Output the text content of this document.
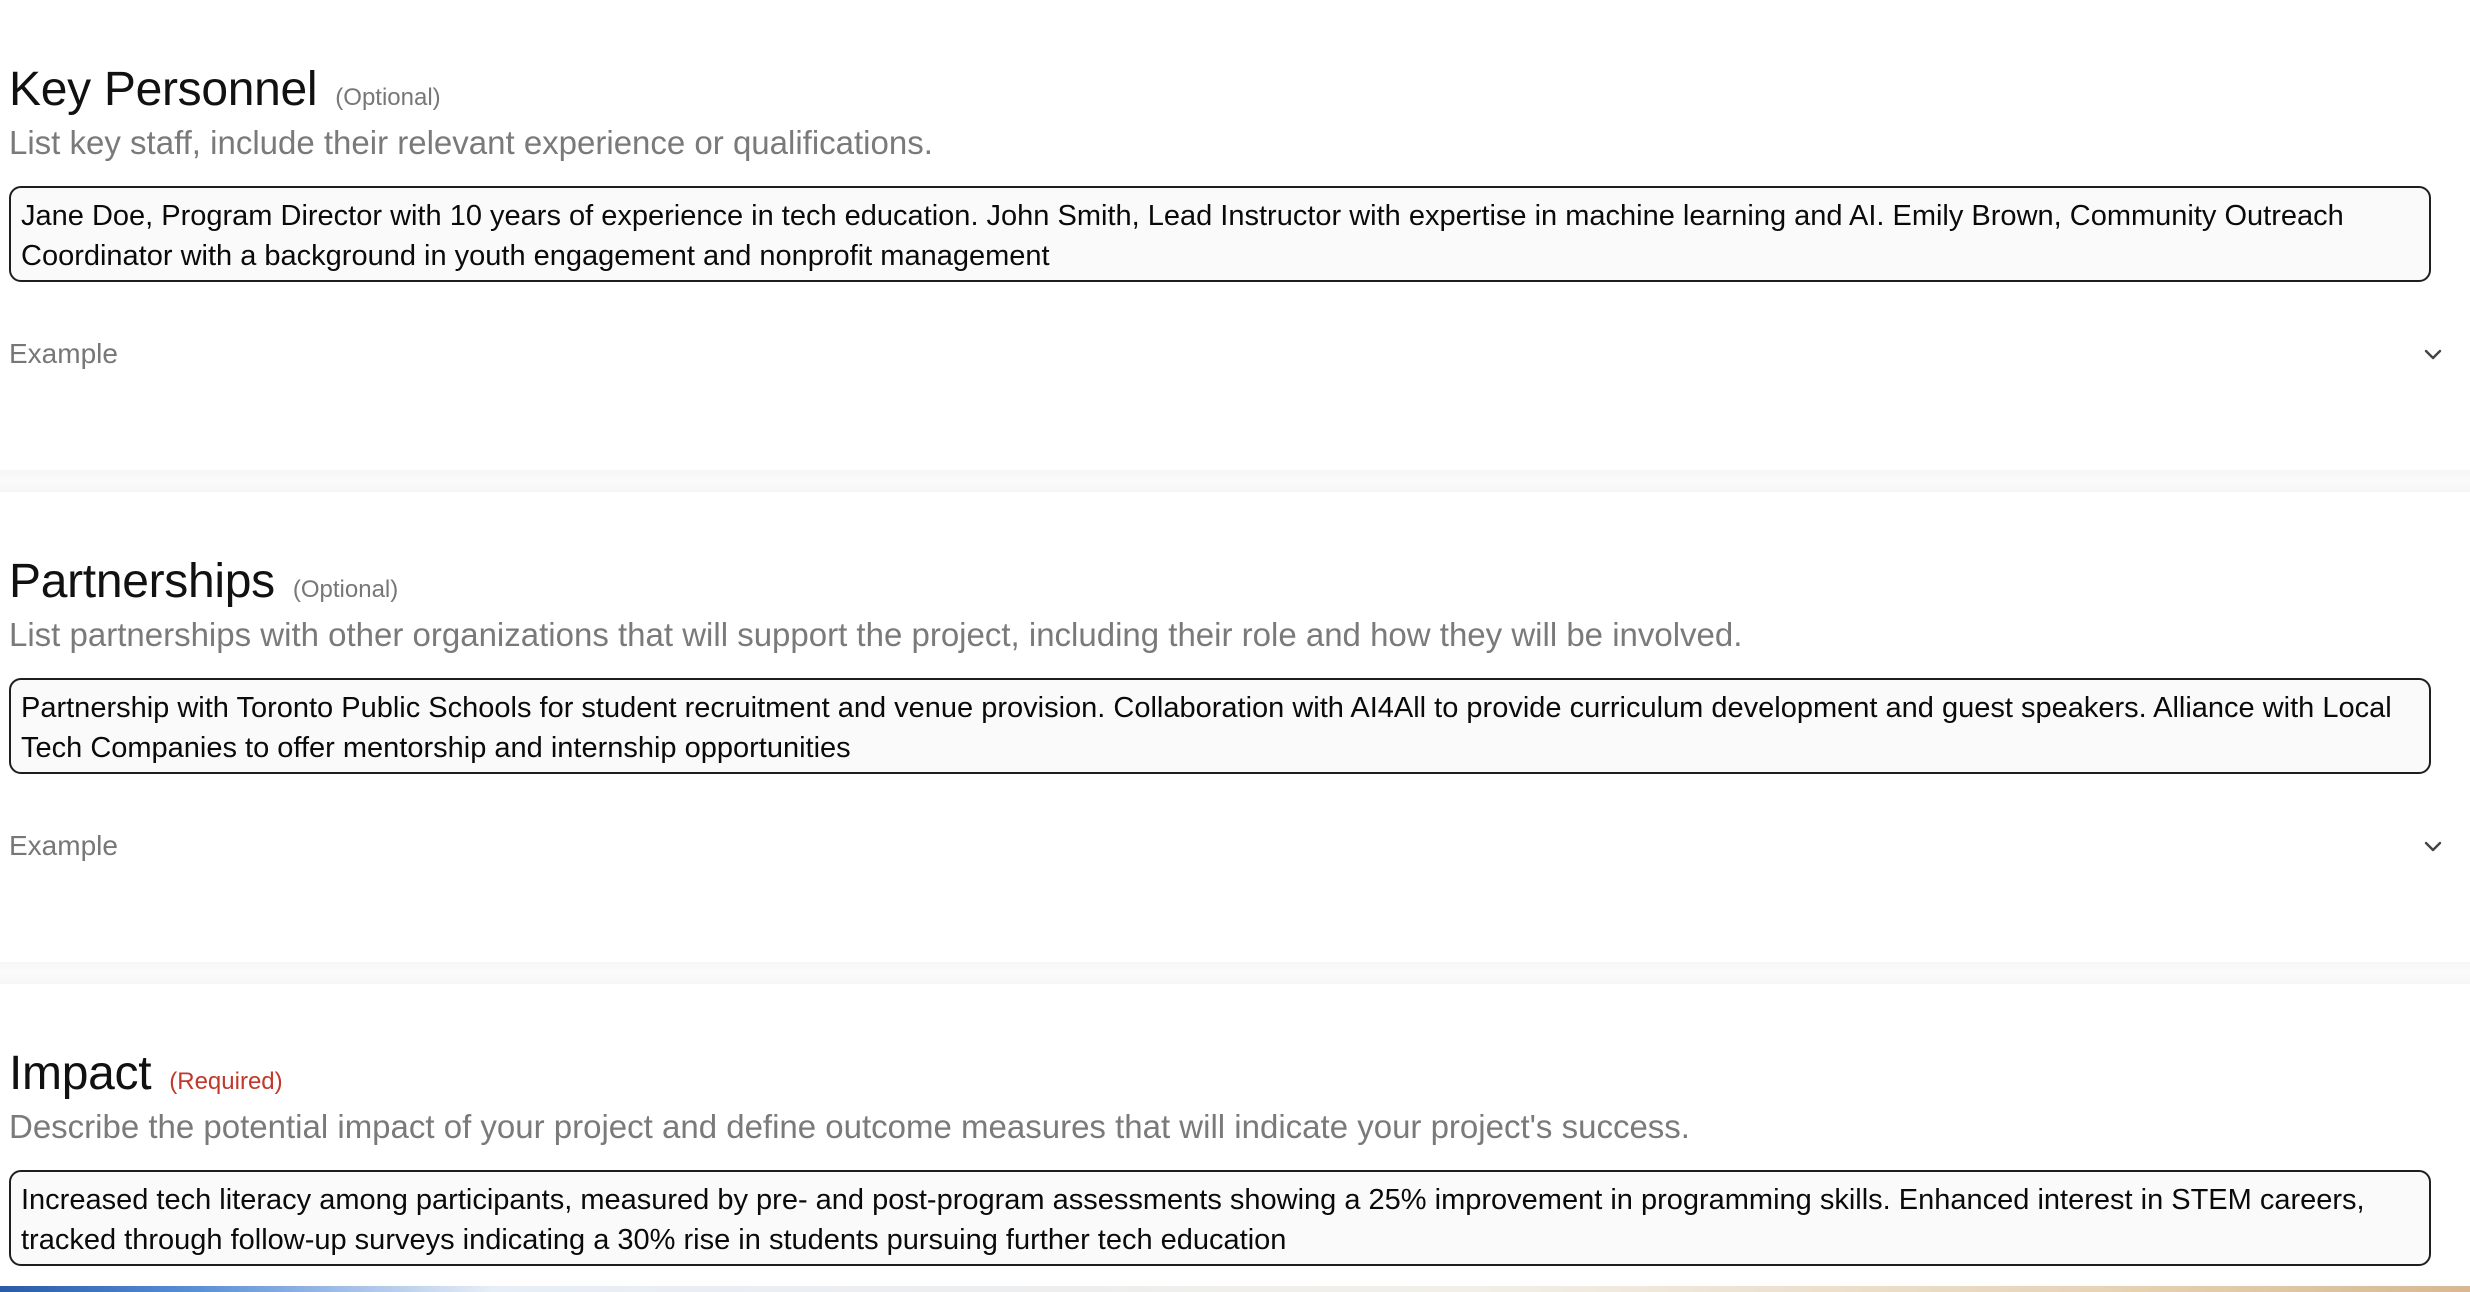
Key Personnel (Optional)
List key staff, include their relevant experience or qualifications.
Jane Doe, Program Director with 10 years of experience in tech education. John Smith, Lead Instructor with expertise in machine learning and AI. Emily Brown, Community Outreach Coordinator with a background in youth engagement and nonprofit management
Example
Partnerships (Optional)
List partnerships with other organizations that will support the project, including their role and how they will be involved.
Partnership with Toronto Public Schools for student recruitment and venue provision. Collaboration with AI4All to provide curriculum development and guest speakers. Alliance with Local Tech Companies to offer mentorship and internship opportunities
Example
Impact (Required)
Describe the potential impact of your project and define outcome measures that will indicate your project's success.
Increased tech literacy among participants, measured by pre- and post-program assessments showing a 25% improvement in programming skills. Enhanced interest in STEM careers, tracked through follow-up surveys indicating a 30% rise in students pursuing further tech education
